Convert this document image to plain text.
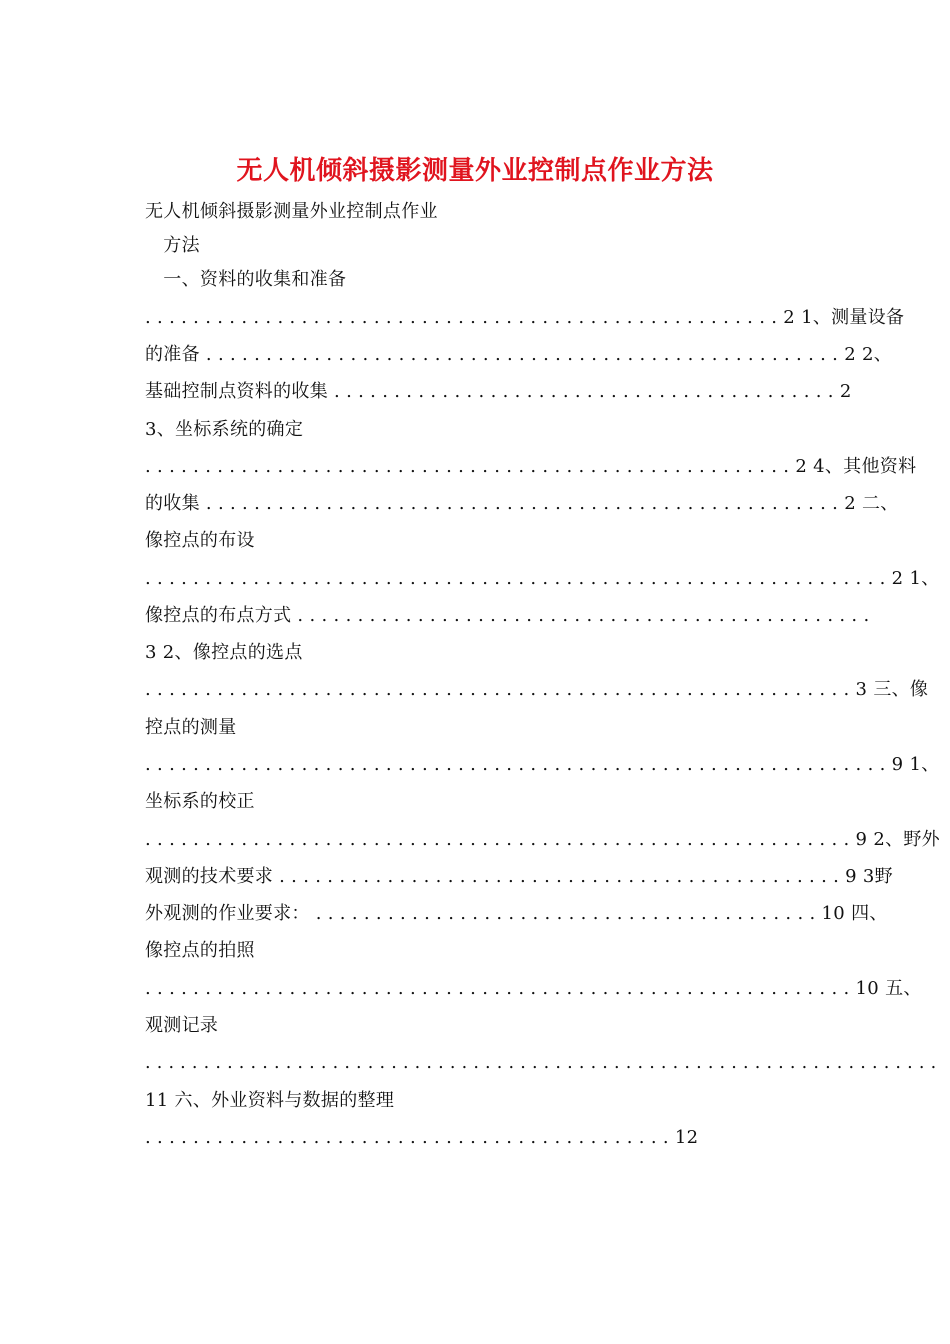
无人机倾斜摄影测量外业控制点作业方法
无人机倾斜摄影测量外业控制点作业
　方法
　一、资料的收集和准备
. . . . . . . . . . . . . . . . . . . . . . . . . . . . . . . . . . . . . . . . . . . . . . . . . . . . . 2 1、测量设备
的准备 . . . . . . . . . . . . . . . . . . . . . . . . . . . . . . . . . . . . . . . . . . . . . . . . . . . . . 2 2、
基础控制点资料的收集 . . . . . . . . . . . . . . . . . . . . . . . . . . . . . . . . . . . . . . . . . . 2
3、坐标系统的确定
. . . . . . . . . . . . . . . . . . . . . . . . . . . . . . . . . . . . . . . . . . . . . . . . . . . . . . 2 4、其他资料
的收集 . . . . . . . . . . . . . . . . . . . . . . . . . . . . . . . . . . . . . . . . . . . . . . . . . . . . . 2 二、
像控点的布设
. . . . . . . . . . . . . . . . . . . . . . . . . . . . . . . . . . . . . . . . . . . . . . . . . . . . . . . . . . . . . . 2 1、
像控点的布点方式 . . . . . . . . . . . . . . . . . . . . . . . . . . . . . . . . . . . . . . . . . . . . . . . .
3 2、像控点的选点
. . . . . . . . . . . . . . . . . . . . . . . . . . . . . . . . . . . . . . . . . . . . . . . . . . . . . . . . . . . 3 三、像
控点的测量
. . . . . . . . . . . . . . . . . . . . . . . . . . . . . . . . . . . . . . . . . . . . . . . . . . . . . . . . . . . . . . 9 1、
坐标系的校正
. . . . . . . . . . . . . . . . . . . . . . . . . . . . . . . . . . . . . . . . . . . . . . . . . . . . . . . . . . . 9 2、野外
观测的技术要求 . . . . . . . . . . . . . . . . . . . . . . . . . . . . . . . . . . . . . . . . . . . . . . . 9 3野
外观测的作业要求： . . . . . . . . . . . . . . . . . . . . . . . . . . . . . . . . . . . . . . . . . . 10 四、
像控点的拍照
. . . . . . . . . . . . . . . . . . . . . . . . . . . . . . . . . . . . . . . . . . . . . . . . . . . . . . . . . . . 10 五、
观测记录
. . . . . . . . . . . . . . . . . . . . . . . . . . . . . . . . . . . . . . . . . . . . . . . . . . . . . . . . . . . . . . . . . . . .
11 六、外业资料与数据的整理
. . . . . . . . . . . . . . . . . . . . . . . . . . . . . . . . . . . . . . . . . . . . 12
